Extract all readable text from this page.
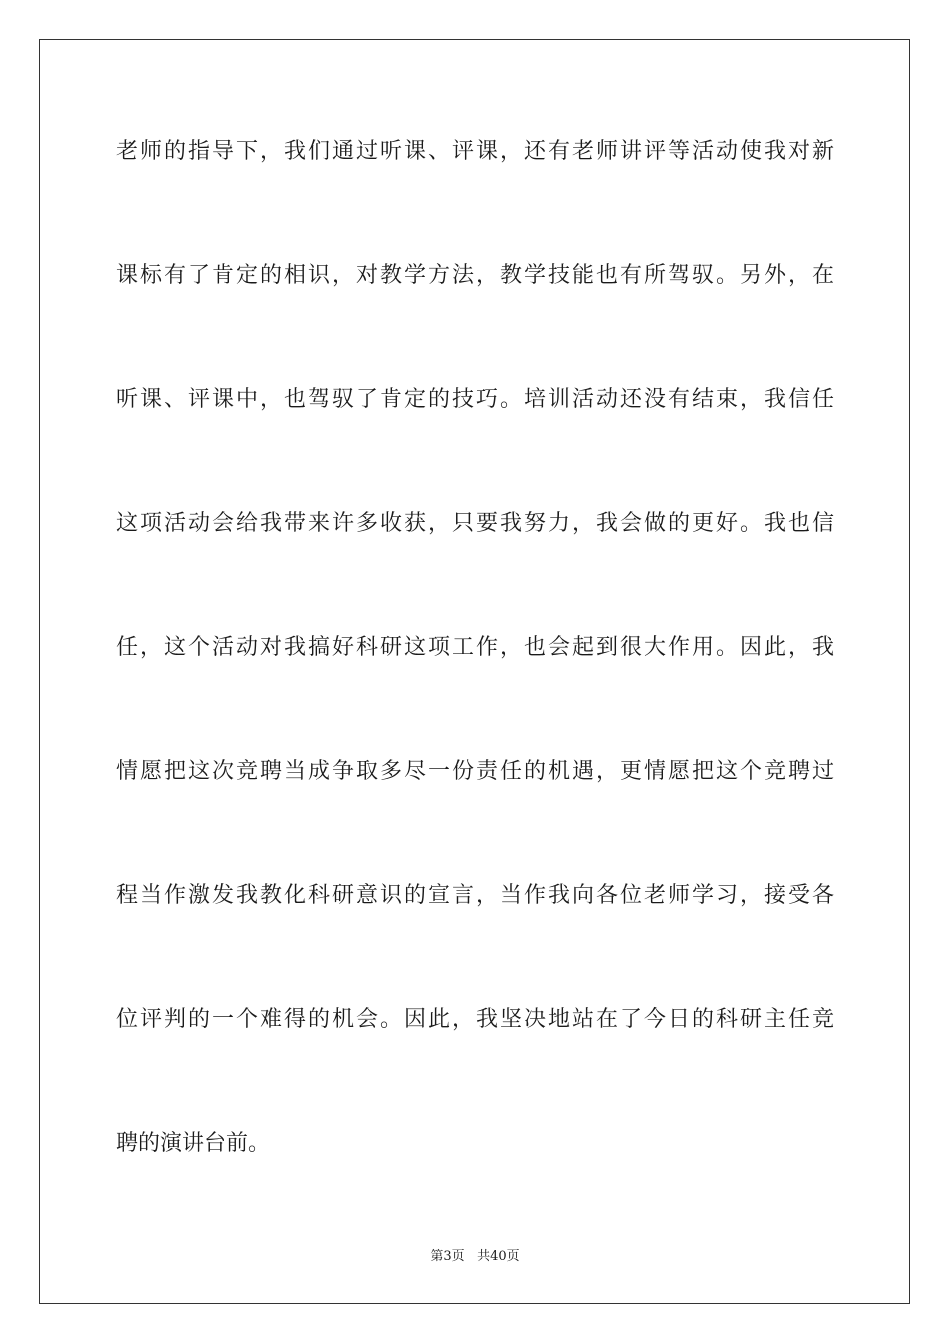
老师的指导下，我们通过听课、评课，还有老师讲评等活动使我对新
课标有了肯定的相识，对教学方法，教学技能也有所驾驭。另外，在
听课、评课中，也驾驭了肯定的技巧。培训活动还没有结束，我信任
这项活动会给我带来许多收获，只要我努力，我会做的更好。我也信
任，这个活动对我搞好科研这项工作，也会起到很大作用。因此，我
情愿把这次竞聘当成争取多尽一份责任的机遇，更情愿把这个竞聘过
程当作激发我教化科研意识的宣言，当作我向各位老师学习，接受各
位评判的一个难得的机会。因此，我坚决地站在了今日的科研主任竞
聘的演讲台前。
第3页 共40页
